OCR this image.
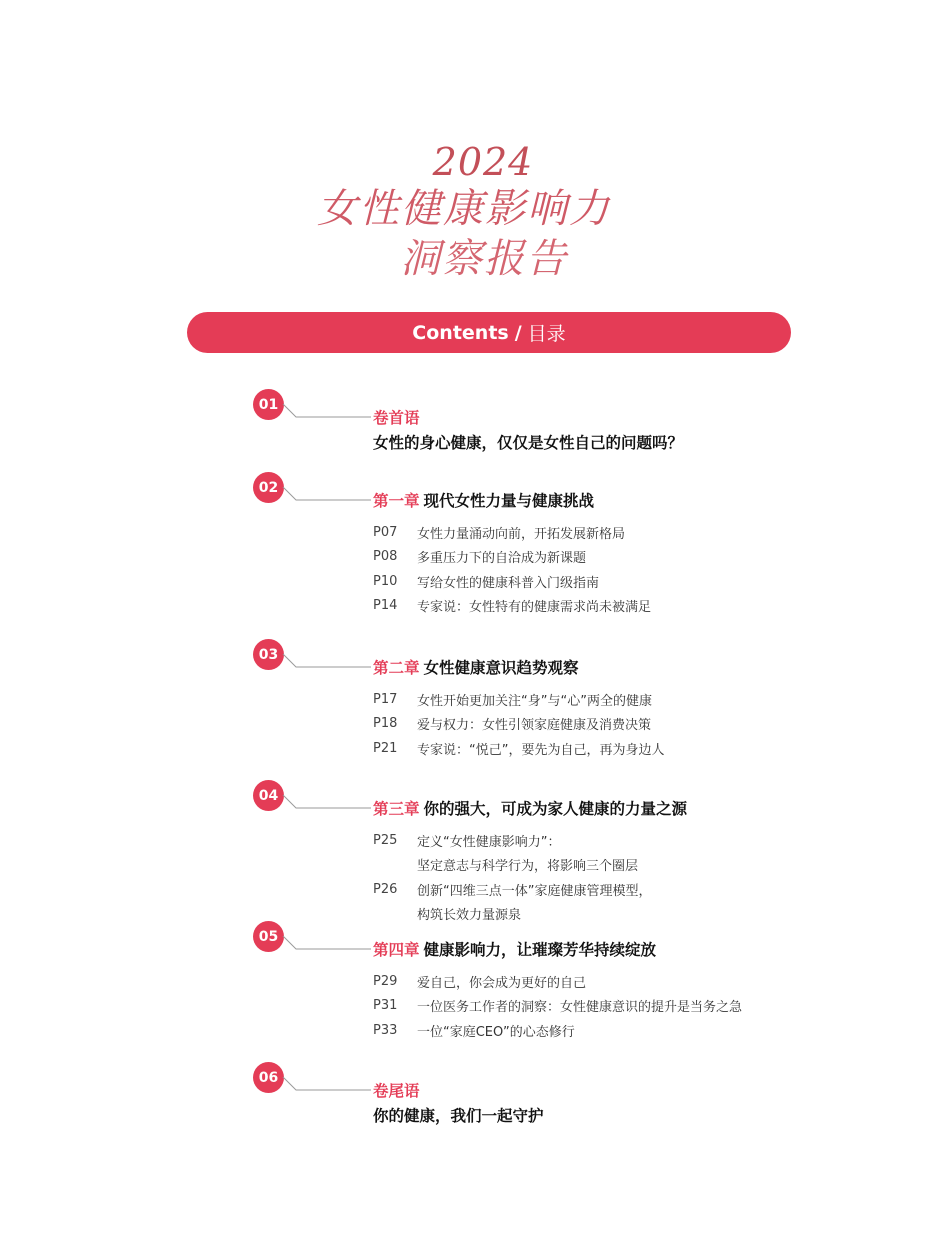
2024
女性健康影响力
洞察报告
Contents / 目录
01
卷首语
女性的身心健康，仅仅是女性自己的问题吗？
02
第一章 现代女性力量与健康挑战
P07	女性力量涌动向前，开拓发展新格局
P08	多重压力下的自洽成为新课题
P10	写给女性的健康科普入门级指南
P14	专家说：女性特有的健康需求尚未被满足
03
第二章 女性健康意识趋势观察
P17	女性开始更加关注“身”与“心”两全的健康
P18	爱与权力：女性引领家庭健康及消费决策
P21	专家说：“悦己”，要先为自己，再为身边人
04
第三章 你的强大，可成为家人健康的力量之源
P25	定义“女性健康影响力”：
坚定意志与科学行为，将影响三个圈层
P26	创新“四维三点一体”家庭健康管理模型，
构筑长效力量源泉
05
第四章 健康影响力，让璀璨芳华持续绽放
P29	爱自己，你会成为更好的自己
P31	一位医务工作者的洞察：女性健康意识的提升是当务之急
P33	一位“家庭CEO”的心态修行
06
卷尾语
你的健康，我们一起守护
